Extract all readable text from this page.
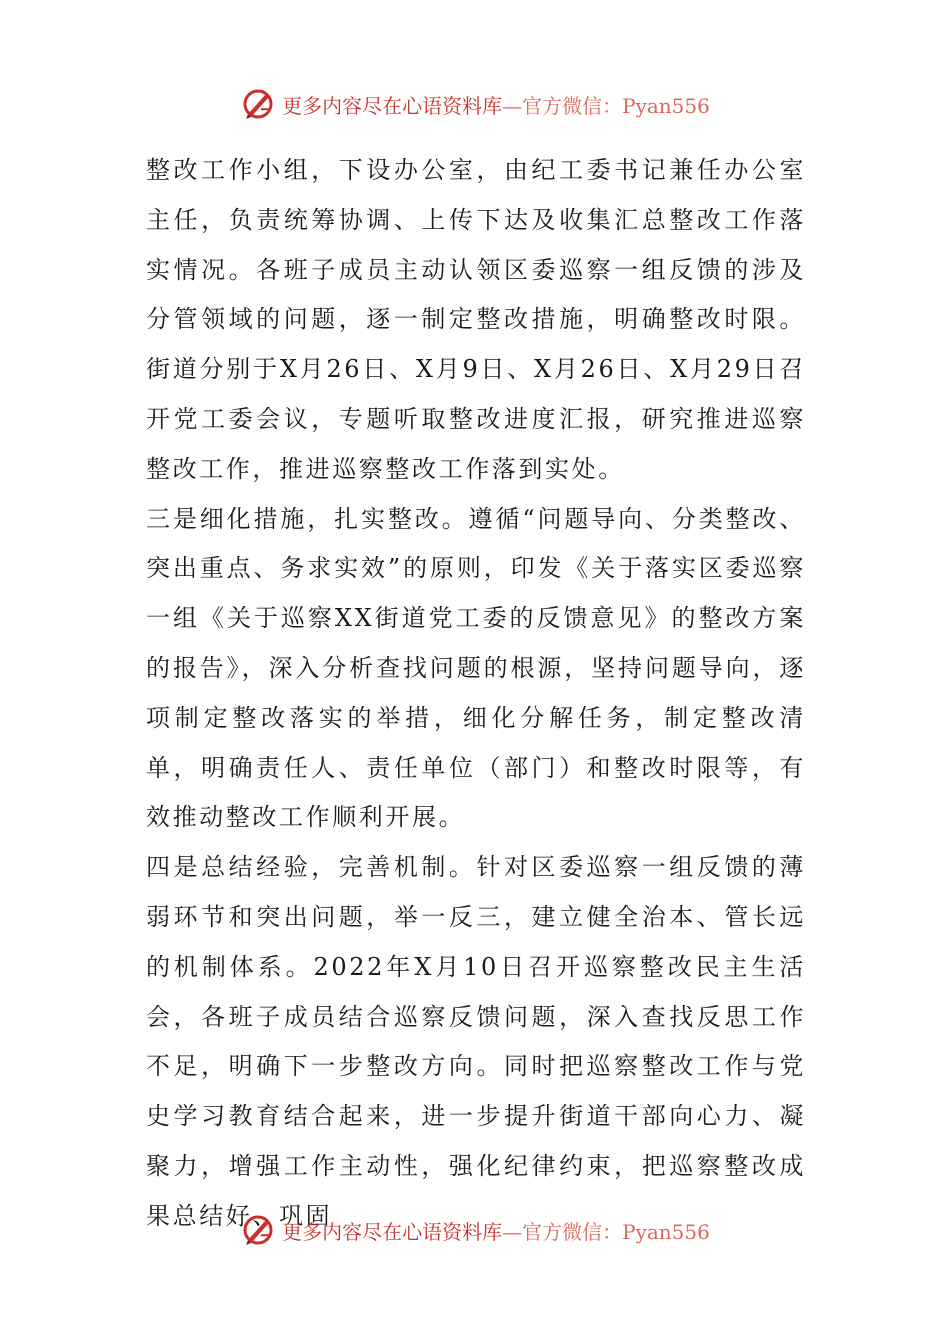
更多内容尽在心语资料库—官方微信：Pyan556

整改工作小组，下设办公室，由纪工委书记兼任办公室主任，负责统筹协调、上传下达及收集汇总整改工作落实情况。各班子成员主动认领区委巡察一组反馈的涉及分管领域的问题，逐一制定整改措施，明确整改时限。街道分别于X月26日、X月9日、X月26日、X月29日召开党工委会议，专题听取整改进度汇报，研究推进巡察整改工作，推进巡察整改工作落到实处。

三是细化措施，扎实整改。遵循“问题导向、分类整改、突出重点、务求实效”的原则，印发《关于落实区委巡察一组《关于巡察XX街道党工委的反馈意见》的整改方案的报告》，深入分析查找问题的根源，坚持问题导向，逐项制定整改落实的举措，细化分解任务，制定整改清单，明确责任人、责任单位（部门）和整改时限等，有效推动整改工作顺利开展。

四是总结经验，完善机制。针对区委巡察一组反馈的薄弱环节和突出问题，举一反三，建立健全治本、管长远的机制体系。2022年X月10日召开巡察整改民主生活会，各班子成员结合巡察反馈问题，深入查找反思工作不足，明确下一步整改方向。同时把巡察整改工作与党史学习教育结合起来，进一步提升街道干部向心力、凝聚力，增强工作主动性，强化纪律约束，把巡察整改成果总结好、巩固

更多内容尽在心语资料库—官方微信：Pyan556
